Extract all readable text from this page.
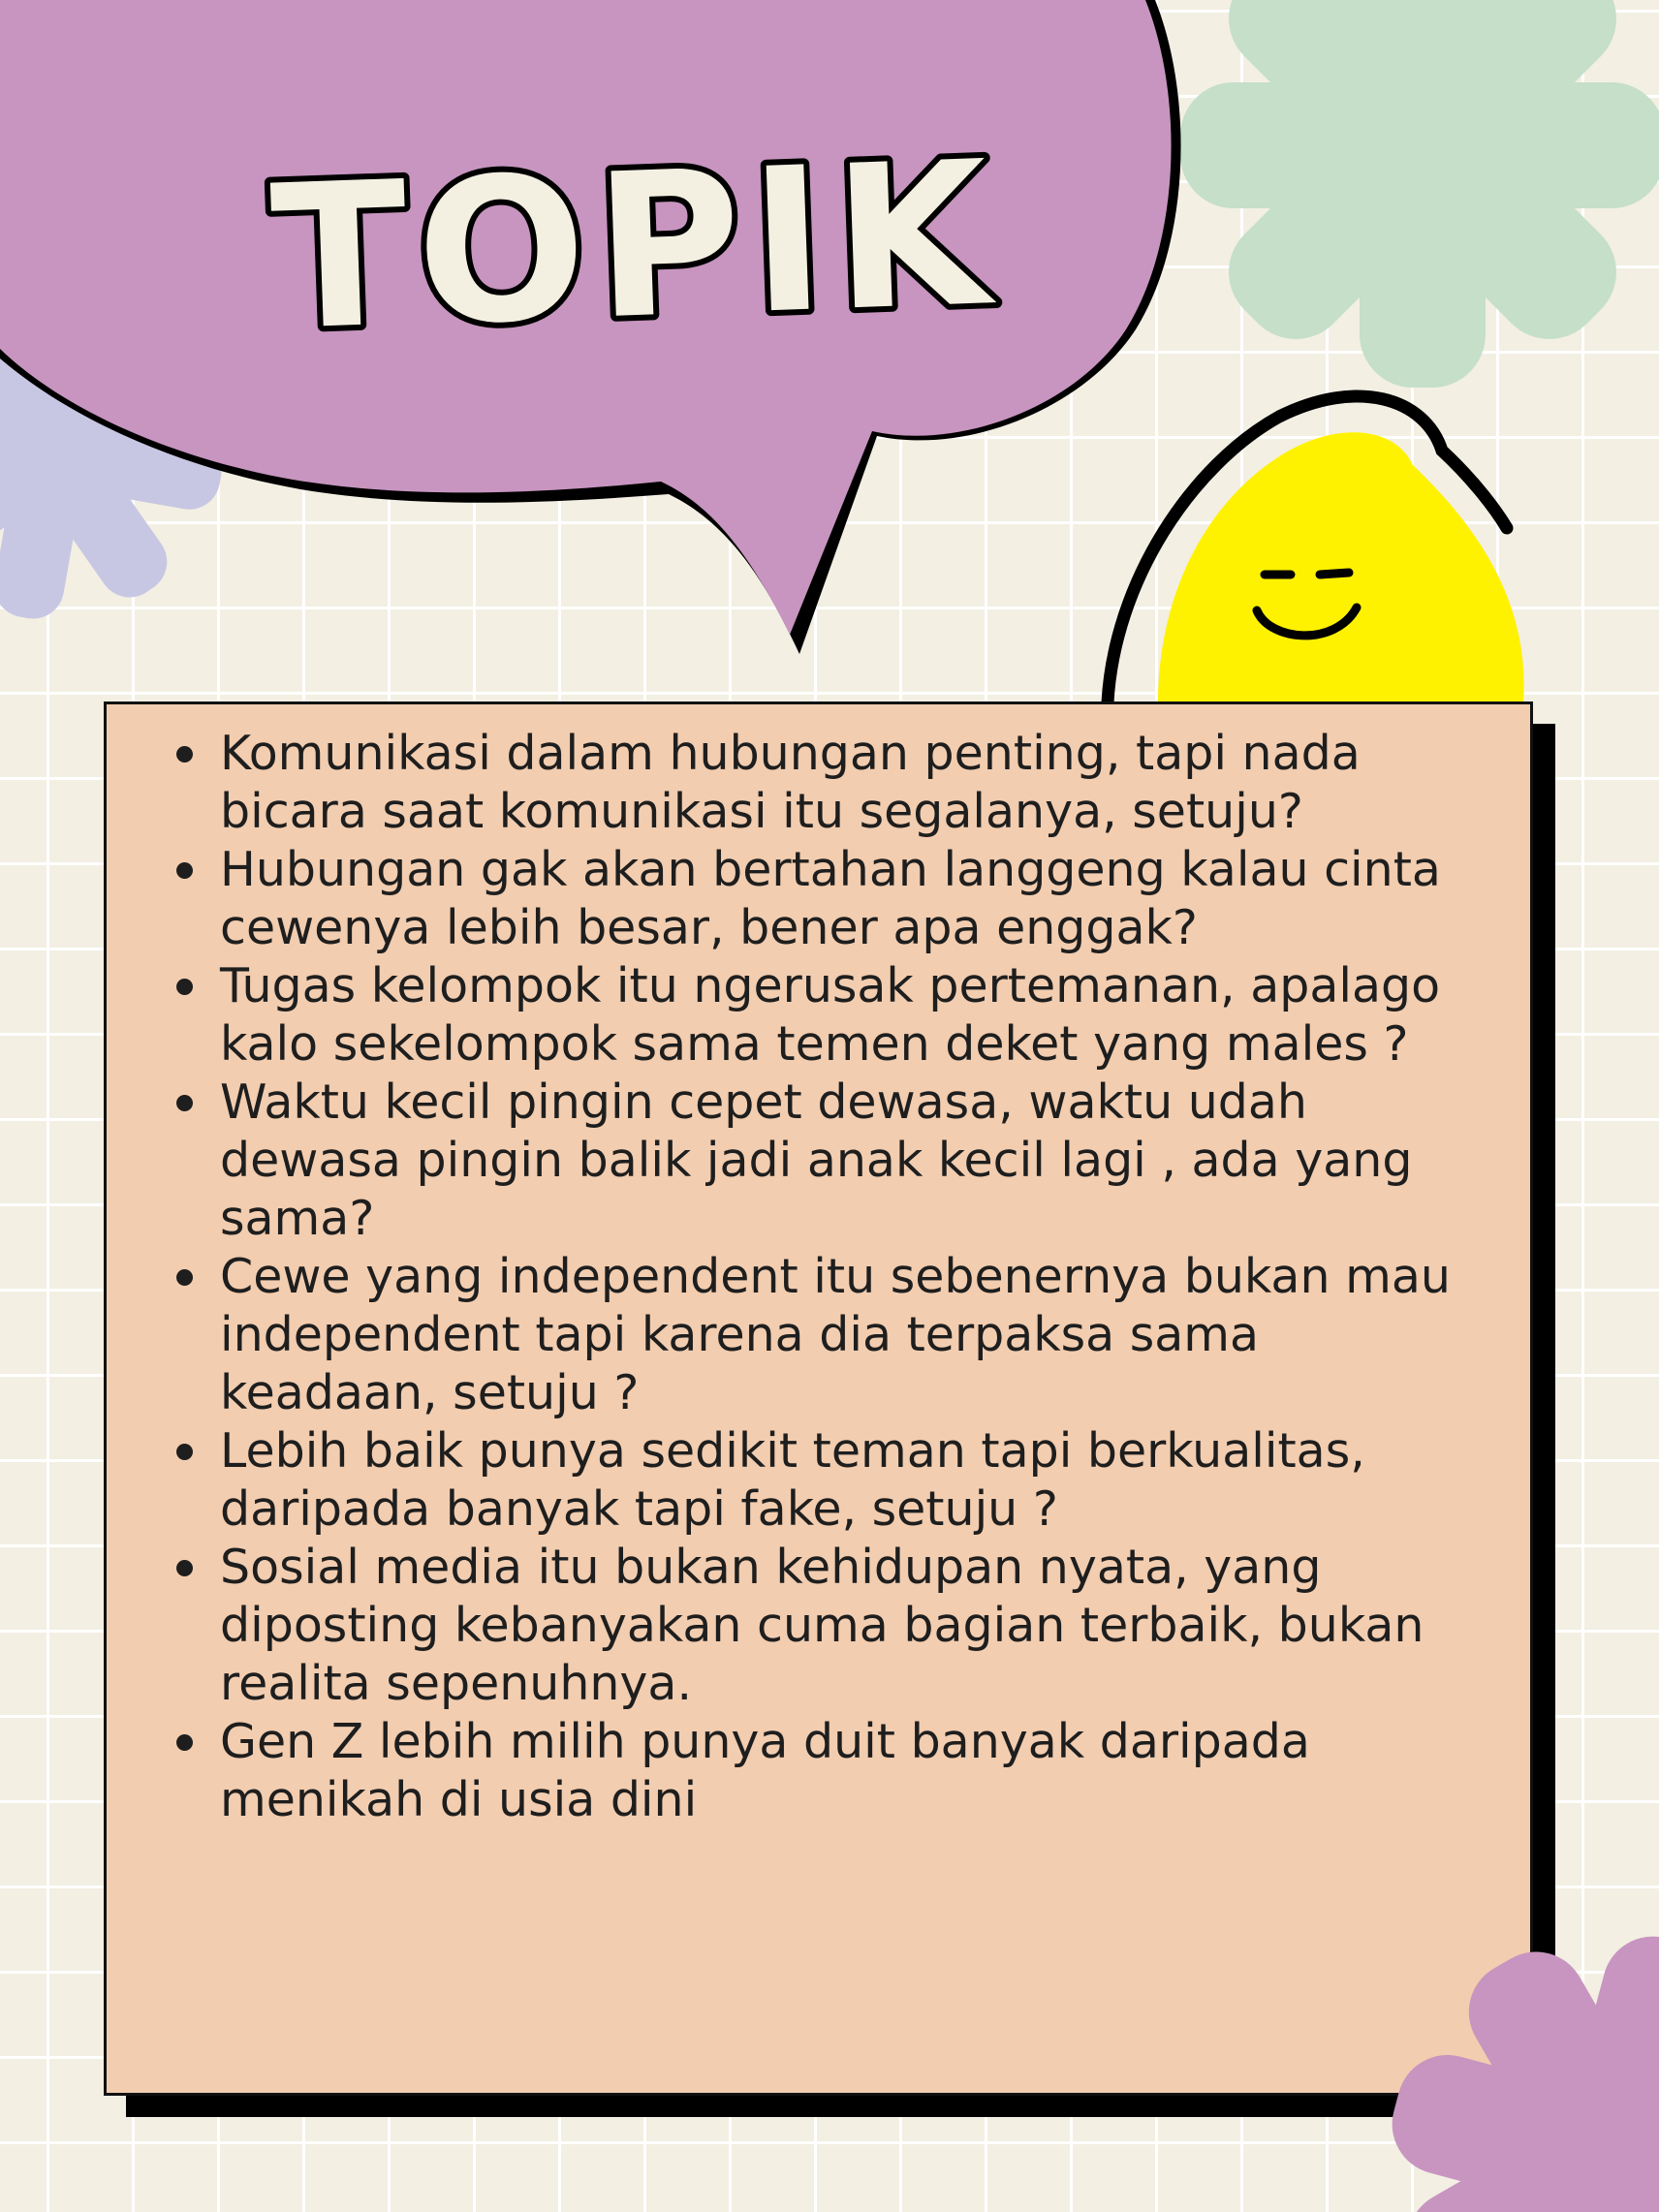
Komunikasi dalam hubungan penting, tapi nada bicara saat komunikasi itu segalanya, setuju?
Hubungan gak akan bertahan langgeng kalau cinta cewenya lebih besar, bener apa enggak?
Tugas kelompok itu ngerusak pertemanan, apalago kalo sekelompok sama temen deket yang males ?
Waktu kecil pingin cepet dewasa, waktu udah dewasa pingin balik jadi anak kecil lagi , ada yang sama?
Cewe yang independent itu sebenernya bukan mau independent tapi karena dia terpaksa sama keadaan, setuju ?
Lebih baik punya sedikit teman tapi berkualitas, daripada banyak tapi fake, setuju ?
Sosial media itu bukan kehidupan nyata, yang diposting kebanyakan cuma bagian terbaik, bukan realita sepenuhnya.
Gen Z lebih milih punya duit banyak daripada menikah di usia dini
TOPIK
